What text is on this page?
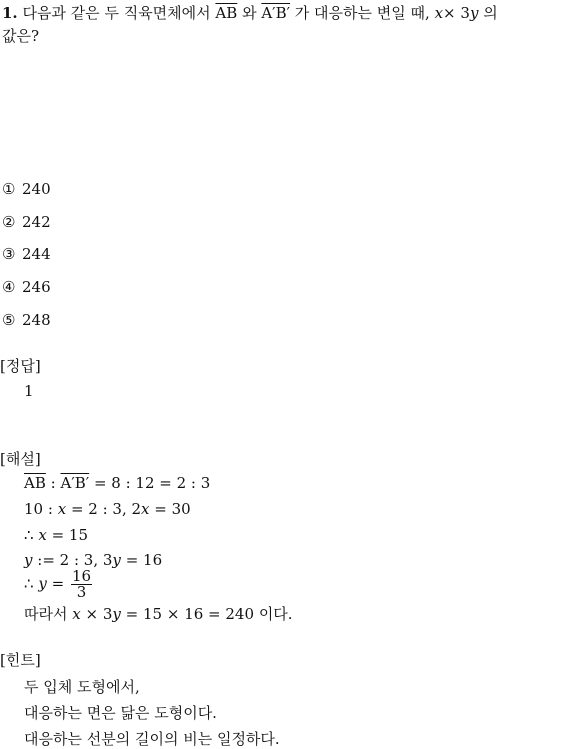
1. 다음과 같은 두 직육면체에서 $\overline{AB}$ 와 A′B′ 가 대응하는 변일 때, x× 3y 의
값은?
① 240
② 242
③ 244
④ 246
⑤ 248
[정답]
1
[해설]
$\overline{AB}$ : A′B′ = 8 : 12 = 2 : 3
10 : x = 2 : 3, 2x = 30
∴ x = 15
y := 2 : 3, 3y = 16
∴ $y = \frac{16}{3}$
따라서 x × 3y = 15 × 16 = 240 이다.
[힌트]
두 입체 도형에서,
대응하는 면은 닮은 도형이다.
대응하는 선분의 길이의 비는 일정하다.
